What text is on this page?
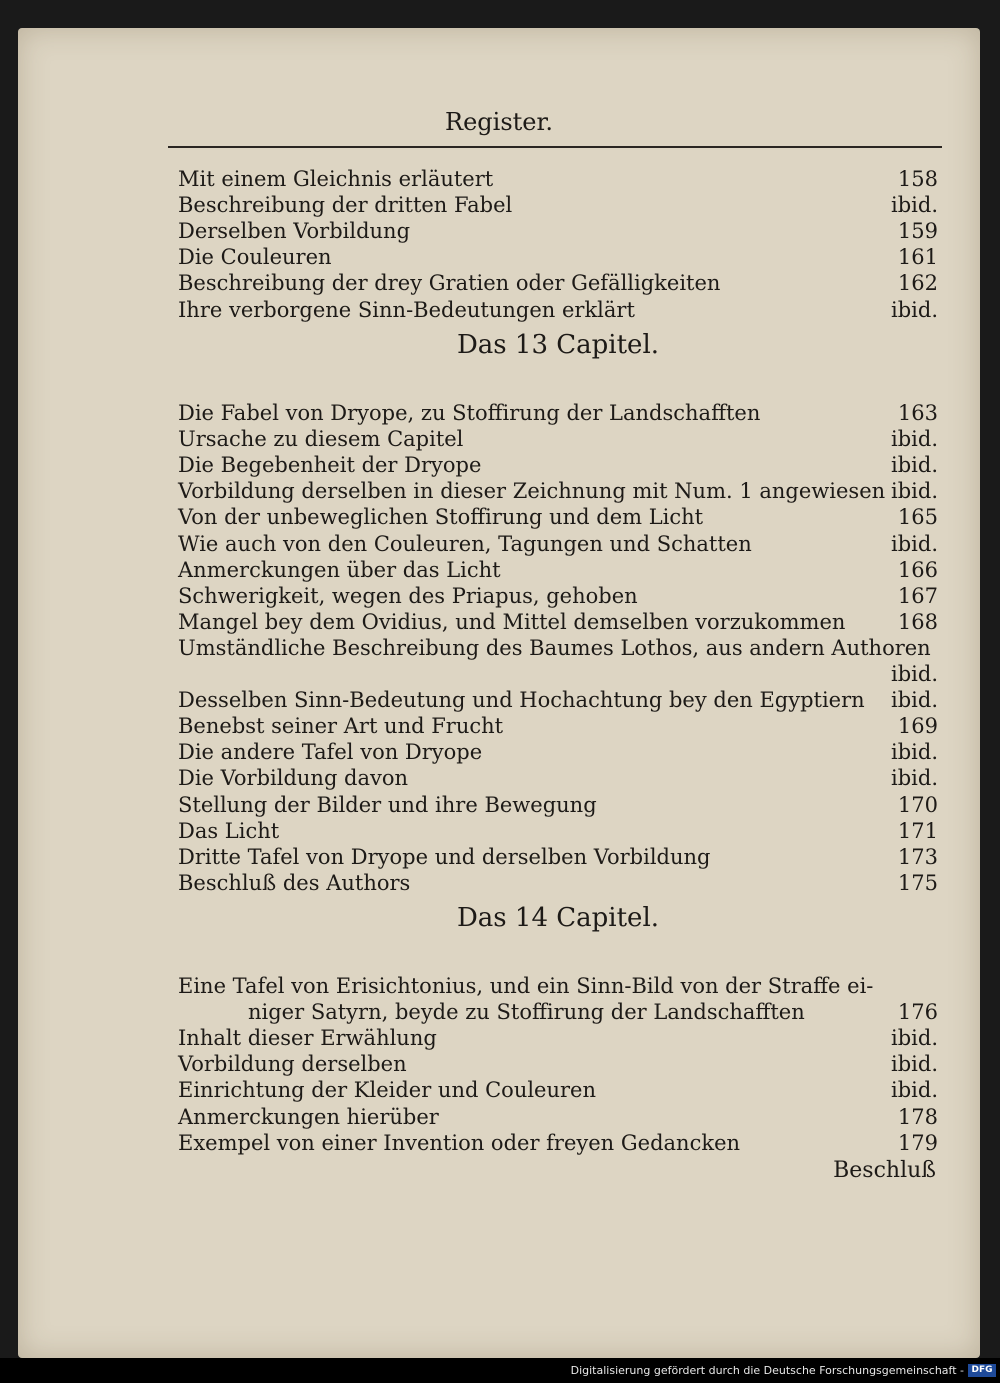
Register.
Mit einem Gleichnis erläutert	158
Beschreibung der dritten Fabel	ibid.
Derselben Vorbildung	159
Die Couleuren	161
Beschreibung der drey Gratien oder Gefälligkeiten	162
Ihre verborgene Sinn-Bedeutungen erklärt	ibid.
Das 13 Capitel.
Die Fabel von Dryope, zu Stoffirung der Landschafften	163
Ursache zu diesem Capitel	ibid.
Die Begebenheit der Dryope	ibid.
Vorbildung derselben in dieser Zeichnung mit Num. 1 angewiesen ibid.
Von der unbeweglichen Stoffirung und dem Licht	165
Wie auch von den Couleuren, Tagungen und Schatten	ibid.
Anmerckungen über das Licht	166
Schwerigkeit, wegen des Priapus, gehoben	167
Mangel bey dem Ovidius, und Mittel demselben vorzukommen 168
Umständliche Beschreibung des Baumes Lothos, aus andern Authoren
ibid.
Desselben Sinn-Bedeutung und Hochachtung bey den Egyptiern ibid.
Benebst seiner Art und Frucht	169
Die andere Tafel von Dryope	ibid.
Die Vorbildung davon	ibid.
Stellung der Bilder und ihre Bewegung	170
Das Licht	171
Dritte Tafel von Dryope und derselben Vorbildung	173
Beschluß des Authors	175
Das 14 Capitel.
Eine Tafel von Erisichtonius, und ein Sinn-Bild von der Straffe ei-
niger Satyrn, beyde zu Stoffirung der Landschafften	176
Inhalt dieser Erwählung	ibid.
Vorbildung derselben	ibid.
Einrichtung der Kleider und Couleuren	ibid.
Anmerckungen hierüber	178
Exempel von einer Invention oder freyen Gedancken	179
Beschluß
Digitalisierung gefördert durch die Deutsche Forschungsgemeinschaft - DFG
